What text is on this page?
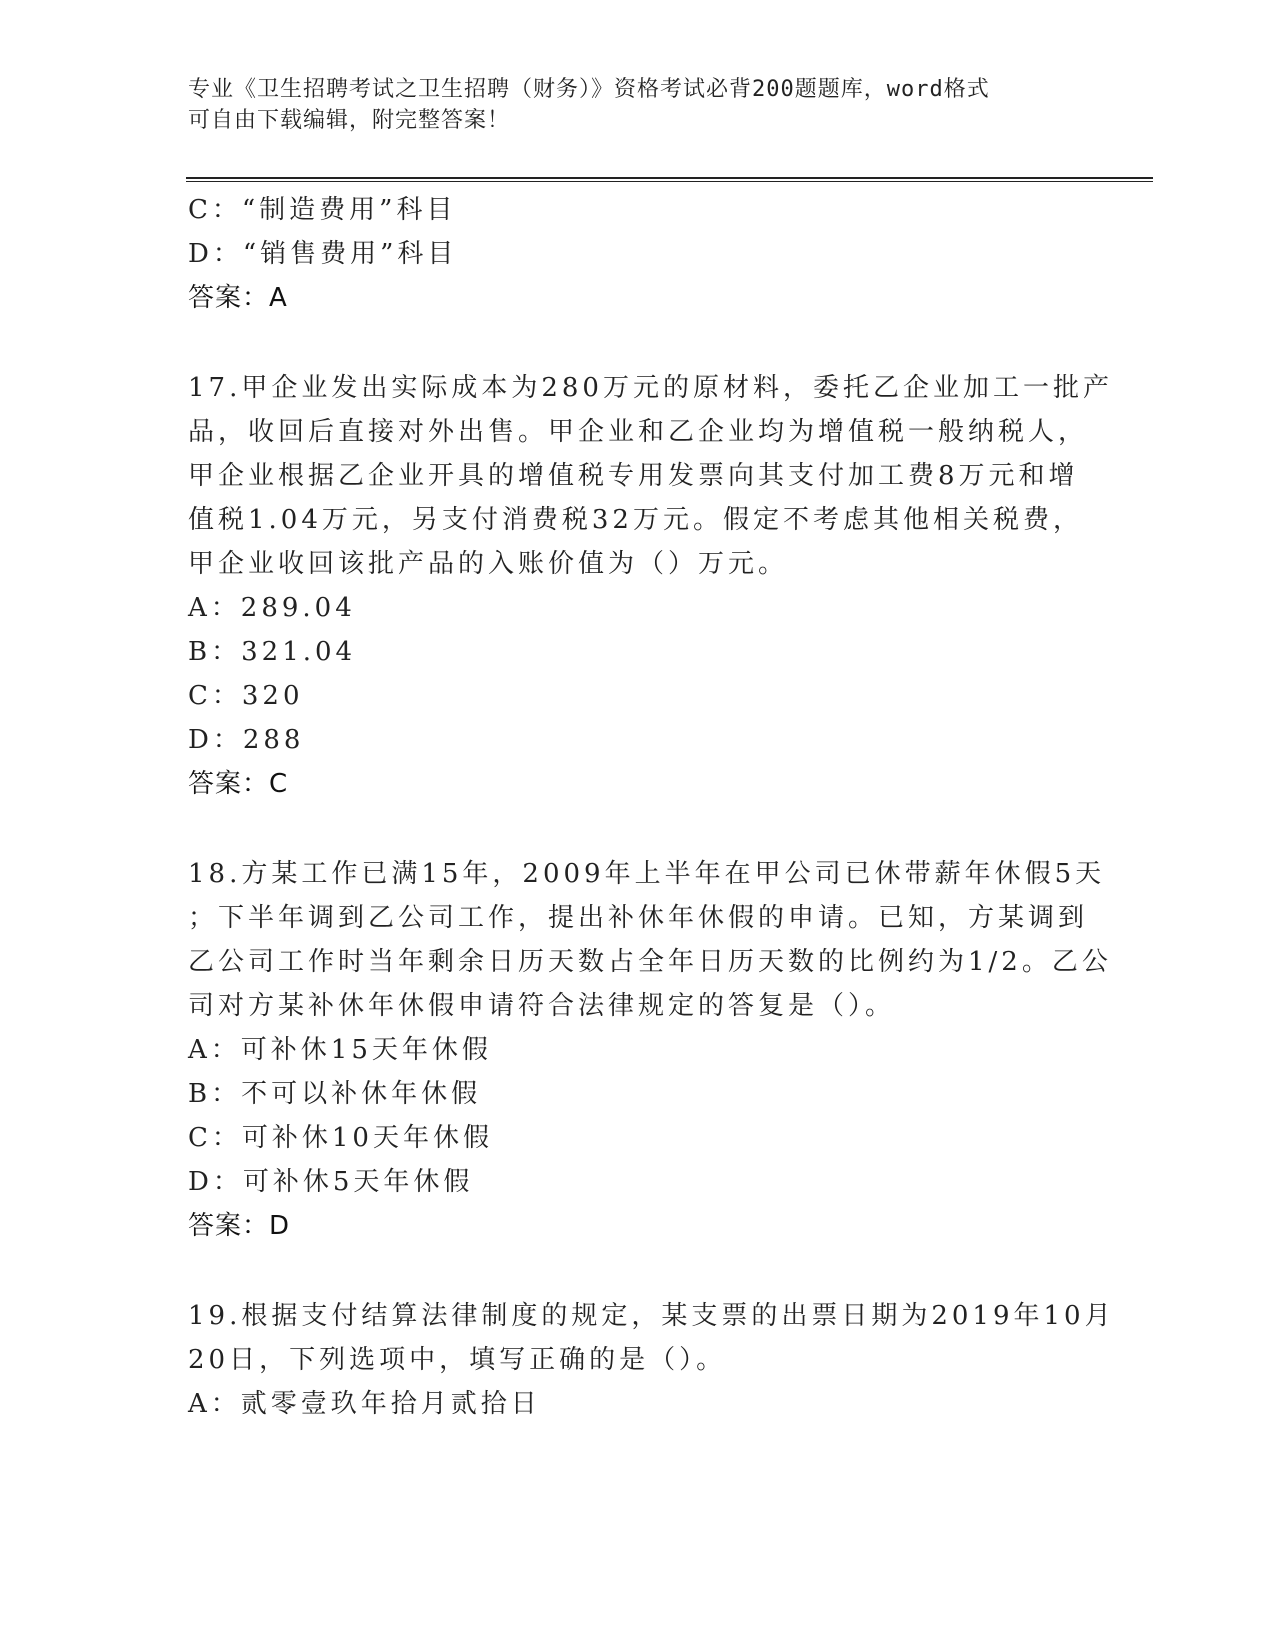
专业《卫生招聘考试之卫生招聘（财务）》资格考试必背200题题库，word格式
可自由下载编辑，附完整答案！
C：“制造费用”科目
D：“销售费用”科目
答案：A
17.甲企业发出实际成本为280万元的原材料，委托乙企业加工一批产
品，收回后直接对外出售。甲企业和乙企业均为增值税一般纳税人，
甲企业根据乙企业开具的增值税专用发票向其支付加工费8万元和增
值税1.04万元，另支付消费税32万元。假定不考虑其他相关税费，
甲企业收回该批产品的入账价值为（）万元。
A：289.04
B：321.04
C：320
D：288
答案：C
18.方某工作已满15年，2009年上半年在甲公司已休带薪年休假5天
；下半年调到乙公司工作，提出补休年休假的申请。已知，方某调到
乙公司工作时当年剩余日历天数占全年日历天数的比例约为1/2。乙公
司对方某补休年休假申请符合法律规定的答复是（）。
A：可补休15天年休假
B：不可以补休年休假
C：可补休10天年休假
D：可补休5天年休假
答案：D
19.根据支付结算法律制度的规定，某支票的出票日期为2019年10月
20日，下列选项中，填写正确的是（）。
A：贰零壹玖年拾月贰拾日
